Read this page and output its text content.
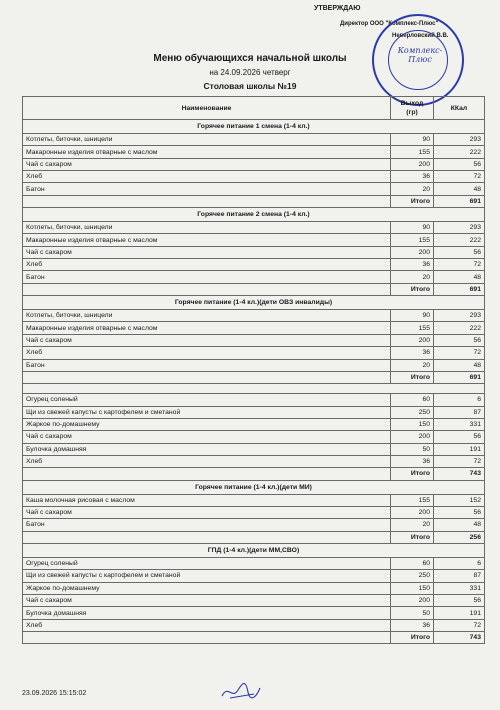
УТВЕРЖДАЮ
Директор ООО "Комплекс-Плюс"
Неверловский В.В.
Комплекс-Плюс
Меню обучающихся начальной школы
на 24.09.2026 четверг
Столовая школы №19
Наименование	Выход (гр)	ККал
Горячее питание 1 смена (1-4 кл.)		
Котлеты, биточки, шницели	90	293
Макаронные изделия отварные с маслом	155	222
Чай с сахаром	200	56
Хлеб	36	72
Батон	20	48
	Итого	691
Горячее питание 2 смена (1-4 кл.)		
Котлеты, биточки, шницели	90	293
Макаронные изделия отварные с маслом	155	222
Чай с сахаром	200	56
Хлеб	36	72
Батон	20	48
	Итого	691
Горячее питание (1-4 кл.)(дети ОВЗ инвалиды)		
Котлеты, биточки, шницели	90	293
Макаронные изделия отварные с маслом	155	222
Чай с сахаром	200	56
Хлеб	36	72
Батон	20	48
	Итого	691

Огурец соленый	60	6
Щи из свежей капусты с картофелем и сметаной	250	87
Жаркое по-домашнему	150	331
Чай с сахаром	200	56
Булочка домашняя	50	191
Хлеб	36	72
	Итого	743
Горячее питание (1-4 кл.)(дети МИ)		
Каша молочная рисовая с маслом	155	152
Чай с сахаром	200	56
Батон	20	48
	Итого	256
ГПД (1-4 кл.)(дети ММ,СВО)		
Огурец соленый	60	6
Щи из свежей капусты с картофелем и сметаной	250	87
Жаркое по-домашнему	150	331
Чай с сахаром	200	56
Булочка домашняя	50	191
Хлеб	36	72
	Итого	743
23.09.2026 15:15:02
